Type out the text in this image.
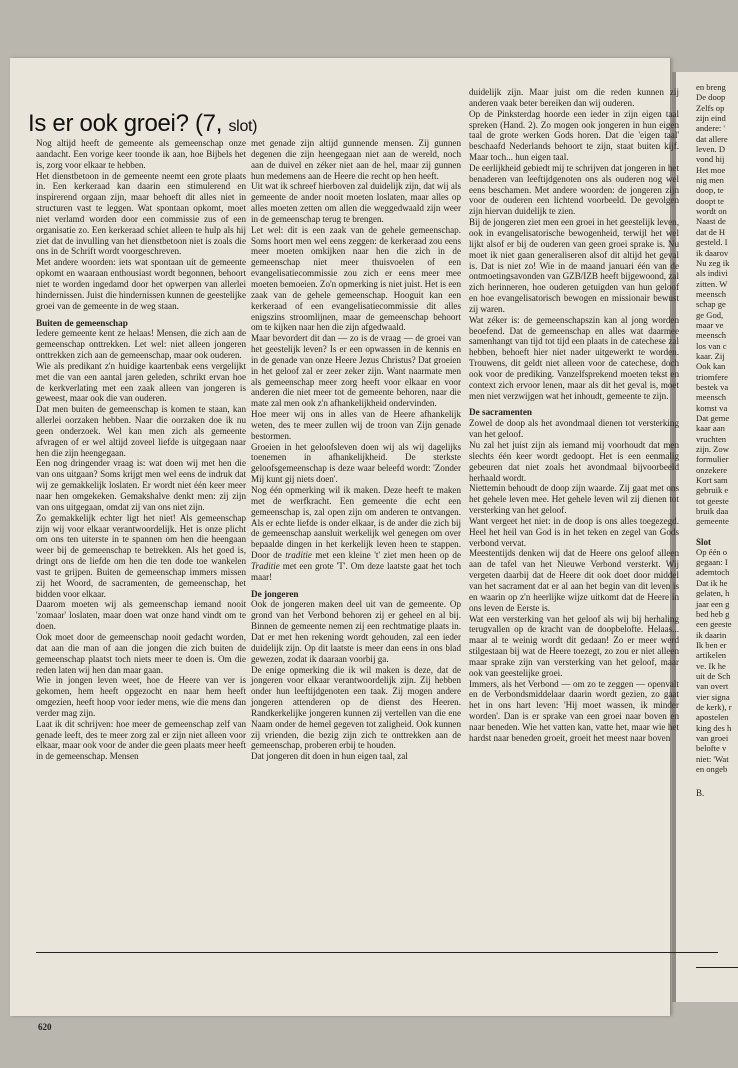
en breng
De doop
Zelfs op
zijn eind
andere: '
dat allere
leven. D
vond hij
Het moe
nig men
doop, te
doopt te
wordt on
Naast de
dat de H
gesteld. I
ik daarov
Nu zeg ik
als indivi
zitten. W
meensch
schap ge
ge God,
maar ve
meensch
los van c
kaar. Zij
Ook kan
triomfere
bestek va
meensch
komst va
Dat geme
kaar aan
vruchten
zijn. Zow
formulier
onzekere
Kort sam
gebruik e
tot geeste
bruik daa
gemeente
Slot
Op één o
gegaan: I
ademtoch
Dat ik he
gelaten, h
jaar een g
bed heb g
een geeste
ik daarin
Ik ben er
artikelen
ve. Ik he
uit de Sch
van overt
vier signa
de kerk), r
apostelen
king des h
van groei
belofte v
niet: 'Wat
en ongeb
B.
Is er ook groei? (7, slot)

Nog altijd heeft de gemeente als gemeenschap onze aandacht. Een vorige keer toonde ik aan, hoe Bijbels het is, zorg voor elkaar te hebben.

Het dienstbetoon in de gemeente neemt een grote plaats in. Een kerkeraad kan daarin een stimulerend en inspirerend orgaan zijn, maar behoeft dit alles niet in structuren vast te leggen. Wat spontaan opkomt, moet niet verlamd worden door een commissie zus of een organisatie zo. Een kerkeraad schiet alleen te hulp als hij ziet dat de invulling van het dienstbetoon niet is zoals die ons in de Schrift wordt voorgeschreven.

Met andere woorden: iets wat spontaan uit de gemeente opkomt en waaraan enthousiast wordt begonnen, behoort niet te worden ingedamd door het opwerpen van allerlei hindernissen. Juist die hindernissen kunnen de geestelijke groei van de gemeente in de weg staan.

Buiten de gemeenschap

Iedere gemeente kent ze helaas! Mensen, die zich aan de gemeenschap onttrekken. Let wel: niet alleen jongeren onttrekken zich aan de gemeenschap, maar ook ouderen.

Wie als predikant z'n huidige kaartenbak eens vergelijkt met die van een aantal jaren geleden, schrikt ervan hoe de kerkverlating met een zaak alleen van jongeren is geweest, maar ook die van ouderen.

Dat men buiten de gemeenschap is komen te staan, kan allerlei oorzaken hebben. Naar die oorzaken doe ik nu geen onderzoek. Wel kan men zich als gemeente afvragen of er wel altijd zoveel liefde is uitgegaan naar hen die zijn heengegaan.

Een nog dringender vraag is: wat doen wij met hen die van ons uitgaan? Soms krijgt men wel eens de indruk dat wij ze gemakkelijk loslaten. Er wordt niet één keer meer naar hen omgekeken. Gemakshalve denkt men: zij zijn van ons uitgegaan, omdat zij van ons niet zijn.

Zo gemakkelijk echter ligt het niet! Als gemeenschap zijn wij voor elkaar verantwoordelijk. Het is onze plicht om ons ten uiterste in te spannen om hen die heengaan weer bij de gemeenschap te betrekken. Als het goed is, dringt ons de liefde om hen die ten dode toe wankelen vast te grijpen. Buiten de gemeenschap immers missen zij het Woord, de sacramenten, de gemeenschap, het bidden voor elkaar.

Daarom moeten wij als gemeenschap iemand nooit 'zomaar' loslaten, maar doen wat onze hand vindt om te doen.

Ook moet door de gemeenschap nooit gedacht worden, dat aan die man of aan die jongen die zich buiten de gemeenschap plaatst toch niets meer te doen is. Om die reden laten wij hen dan maar gaan.

Wie in jongen leven weet, hoe de Heere van ver is gekomen, hem heeft opgezocht en naar hem heeft omgezien, heeft hoop voor ieder mens, wie die mens dan verder mag zijn.

Laat ik dit schrijven: hoe meer de gemeenschap zelf van genade leeft, des te meer zorg zal er zijn niet alleen voor elkaar, maar ook voor de ander die geen plaats meer heeft in de gemeenschap. Mensen

met genade zijn altijd gunnende mensen. Zij gunnen degenen die zijn heengegaan niet aan de wereld, noch aan de duivel en zéker niet aan de hel, maar zij gunnen hun medemens aan de Heere die recht op hen heeft.

Uit wat ik schreef hierboven zal duidelijk zijn, dat wij als gemeente de ander nooit moeten loslaten, maar alles op alles moeten zetten om allen die weggedwaald zijn weer in de gemeenschap terug te brengen.

Let wel: dit is een zaak van de gehele gemeenschap. Soms hoort men wel eens zeggen: de kerkeraad zou eens meer moeten omkijken naar hen die zich in de gemeenschap niet meer thuisvoelen of een evangelisatiecommissie zou zich er eens meer mee moeten bemoeien. Zo'n opmerking is niet juist. Het is een zaak van de gehele gemeenschap. Hooguit kan een kerkeraad of een evangelisatiecommissie dit alles enigszins stroomlijnen, maar de gemeenschap behoort om te kijken naar hen die zijn afgedwaald.

Maar bevordert dit dan — zo is de vraag — de groei van het geestelijk leven? Is er een opwassen in de kennis en in de genade van onze Heere Jezus Christus? Dat groeien in het geloof zal er zeer zeker zijn. Want naarmate men als gemeenschap meer zorg heeft voor elkaar en voor anderen die niet meer tot de gemeente behoren, naar die mate zal men ook z'n afhankelijkheid ondervinden.

Hoe meer wij ons in alles van de Heere afhankelijk weten, des te meer zullen wij de troon van Zijn genade bestormen.

Groeien in het geloofsleven doen wij als wij dagelijks toenemen in afhankelijkheid. De sterkste geloofsgemeenschap is deze waar beleefd wordt: 'Zonder Mij kunt gij niets doen'.

Nog één opmerking wil ik maken. Deze heeft te maken met de werfkracht. Een gemeente die echt een gemeenschap is, zal open zijn om anderen te ontvangen. Als er echte liefde is onder elkaar, is de ander die zich bij de gemeenschap aansluit werkelijk wel genegen om over bepaalde dingen in het kerkelijk leven heen te stappen. Door de traditie met een kleine 't' ziet men heen op de Traditie met een grote 'T'. Om deze laatste gaat het toch maar!

De jongeren

Ook de jongeren maken deel uit van de gemeente. Op grond van het Verbond behoren zij er geheel en al bij. Binnen de gemeente nemen zij een rechtmatige plaats in. Dat er met hen rekening wordt gehouden, zal een ieder duidelijk zijn. Op dit laatste is meer dan eens in ons blad gewezen, zodat ik daaraan voorbij ga.

De enige opmerking die ik wil maken is deze, dat de jongeren voor elkaar verantwoordelijk zijn. Zij hebben onder hun leeftijdgenoten een taak. Zij mogen andere jongeren attenderen op de dienst des Heeren. Randkerkelijke jongeren kunnen zij vertellen van die ene Naam onder de hemel gegeven tot zaligheid. Ook kunnen zij vrienden, die bezig zijn zich te onttrekken aan de gemeenschap, proberen erbij te houden.

Dat jongeren dit doen in hun eigen taal, zal

duidelijk zijn. Maar juist om die reden kunnen zij anderen vaak beter bereiken dan wij ouderen.

Op de Pinksterdag hoorde een ieder in zijn eigen taal spreken (Hand. 2). Zo mogen ook jongeren in hun eigen taal de grote werken Gods horen. Dat die 'eigen taal' beschaafd Nederlands behoort te zijn, staat buiten kijf. Maar toch... hun eigen taal.

De eerlijkheid gebiedt mij te schrijven dat jongeren in het benaderen van leeftijdgenoten ons als ouderen nog wel eens beschamen. Met andere woorden: de jongeren zijn voor de ouderen een lichtend voorbeeld. De gevolgen zijn hiervan duidelijk te zien.

Bij de jongeren ziet men een groei in het geestelijk leven, ook in evangelisatorische bewogenheid, terwijl het wel lijkt alsof er bij de ouderen van geen groei sprake is. Nu moet ik niet gaan generaliseren alsof dit altijd het geval is. Dat is niet zo! Wie in de maand januari één van de ontmoetingsavonden van GZB/IZB heeft bijgewoond, zal zich herinneren, hoe ouderen getuigden van hun geloof en hoe evangelisatorisch bewogen en missionair bewust zij waren.

Wat zéker is: de gemeenschapszin kan al jong worden beoefend. Dat de gemeenschap en alles wat daarmee samenhangt van tijd tot tijd een plaats in de catechese zal hebben, behoeft hier niet nader uitgewerkt te worden. Trouwens, dit geldt niet alleen voor de catechese, doch ook voor de prediking. Vanzelfsprekend moeten tekst en context zich ervoor lenen, maar als dit het geval is, moet men niet verzwijgen wat het inhoudt, gemeente te zijn.

De sacramenten

Zowel de doop als het avondmaal dienen tot versterking van het geloof.

Nu zal het juist zijn als iemand mij voorhoudt dat men slechts één keer wordt gedoopt. Het is een eenmalig gebeuren dat niet zoals het avondmaal bijvoorbeeld herhaald wordt.

Niettemin behoudt de doop zijn waarde. Zij gaat met ons het gehele leven mee. Het gehele leven wil zij dienen tot versterking van het geloof.

Want vergeet het niet: in de doop is ons alles toegezegd. Heel het heil van God is in het teken en zegel van Gods verbond vervat.

Meestentijds denken wij dat de Heere ons geloof alleen aan de tafel van het Nieuwe Verbond versterkt. Wij vergeten daarbij dat de Heere dit ook doet door middel van het sacrament dat er al aan het begin van dit leven is en waarin op z'n heerlijke wijze uitkomt dat de Heere in ons leven de Eerste is.

Wat een versterking van het geloof als wij bij herhaling terugvallen op de kracht van de doopbelofte. Helaas... maar al te weinig wordt dit gedaan! Zo er meer werd stilgestaan bij wat de Heere toezegt, zo zou er niet alleen maar sprake zijn van versterking van het geloof, maar ook van geestelijke groei.

Immers, als het Verbond — om zo te zeggen — openvalt en de Verbondsmiddelaar daarin wordt gezien, zo gaat het in ons hart leven: 'Hij moet wassen, ik minder worden'. Dan is er sprake van een groei naar boven en naar beneden. Wie het vatten kan, vatte het, maar wie het hardst naar beneden groeit, groeit het meest naar boven

620
